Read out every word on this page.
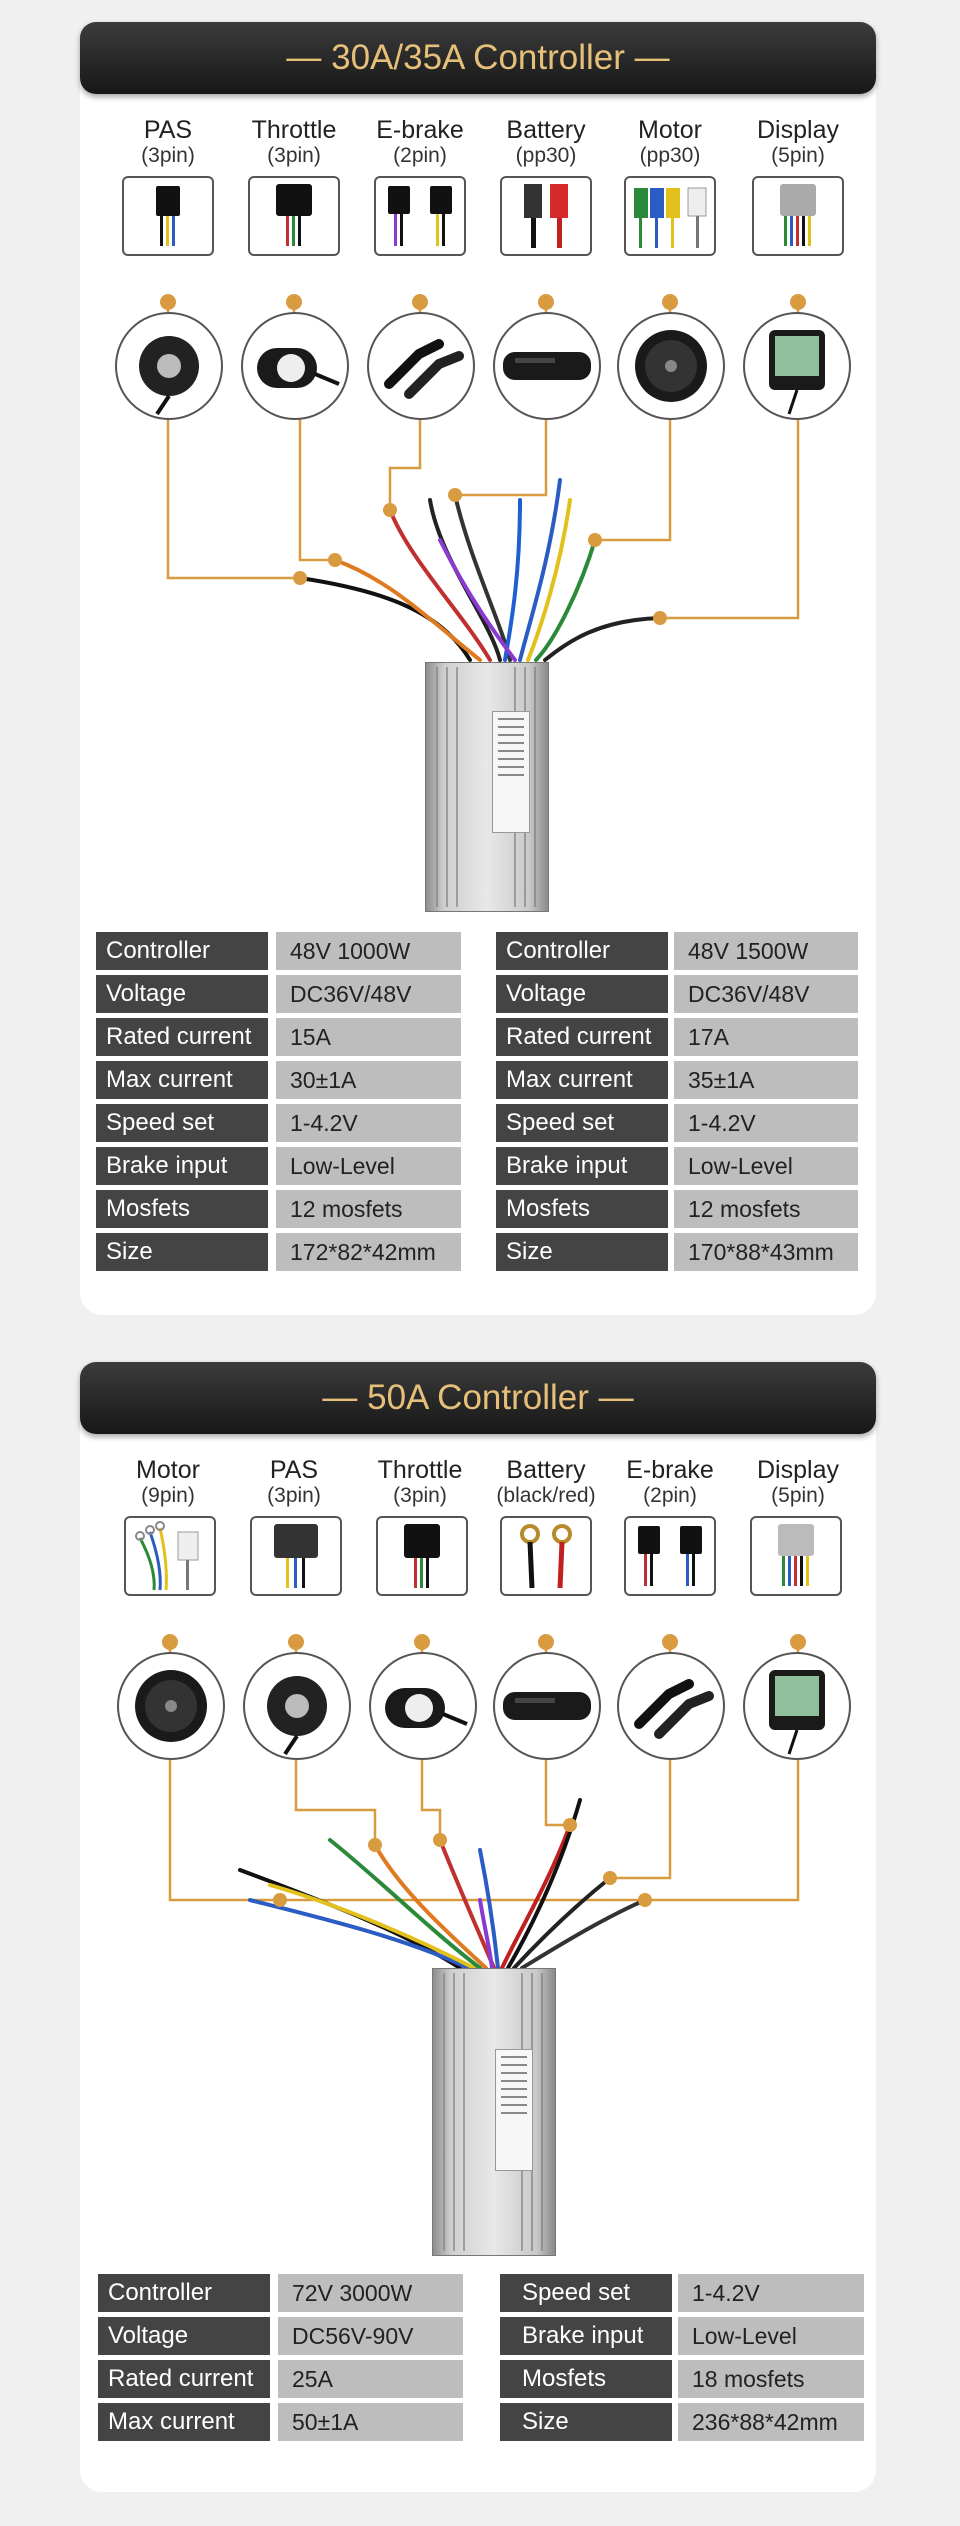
— 30A/35A Controller —
PAS
(3pin)
Throttle
(3pin)
E-brake
(2pin)
Battery
(pp30)
Motor
(pp30)
Display
(5pin)
Controller	48V 1000W
Voltage	DC36V/48V
Rated current	15A
Max current	30±1A
Speed set	1-4.2V
Brake input	Low-Level
Mosfets	12 mosfets
Size	172*82*42mm
Controller	48V 1500W
Voltage	DC36V/48V
Rated current	17A
Max current	35±1A
Speed set	1-4.2V
Brake input	Low-Level
Mosfets	12 mosfets
Size	170*88*43mm
— 50A Controller —
Motor
(9pin)
PAS
(3pin)
Throttle
(3pin)
Battery
(black/red)
E-brake
(2pin)
Display
(5pin)
Controller	72V 3000W
Voltage	DC56V-90V
Rated current	25A
Max current	50±1A
Speed set	1-4.2V
Brake input	Low-Level
Mosfets	18 mosfets
Size	236*88*42mm
